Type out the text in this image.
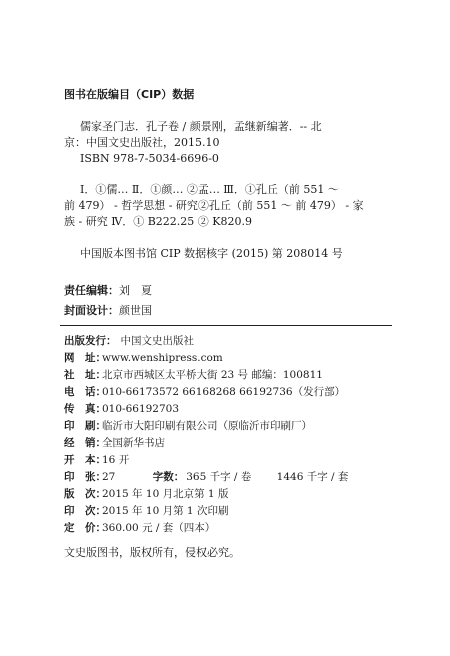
图书在版编目（CIP）数据
儒家圣门志．孔子卷 / 颜景刚，孟继新编著．-- 北
京：中国文史出版社，2015.10
ISBN 978-7-5034-6696-0
Ⅰ．①儒… Ⅱ．①颜… ②孟… Ⅲ．①孔丘（前 551 ～
前 479） - 哲学思想 - 研究②孔丘（前 551 ～ 前 479） - 家
族 - 研究 Ⅳ．① B222.25 ② K820.9
中国版本图书馆 CIP 数据核字 (2015) 第 208014 号
责任编辑：刘　夏
封面设计：颜世国
出版发行： 中国文史出版社
网　址：www.wenshipress.com
社　址：北京市西城区太平桥大街 23 号 邮编：100811
电　话：010-66173572 66168268 66192736（发行部）
传　真：010-66192703
印　刷：临沂市大阳印刷有限公司（原临沂市印刷厂）
经　销：全国新华书店
开　本：16 开
印　张：27	字数： 365 千字 / 卷 1446 千字 / 套
版　次：2015 年 10 月北京第 1 版
印　次：2015 年 10 月第 1 次印刷
定　价：360.00 元 / 套（四本）
文史版图书，版权所有，侵权必究。
